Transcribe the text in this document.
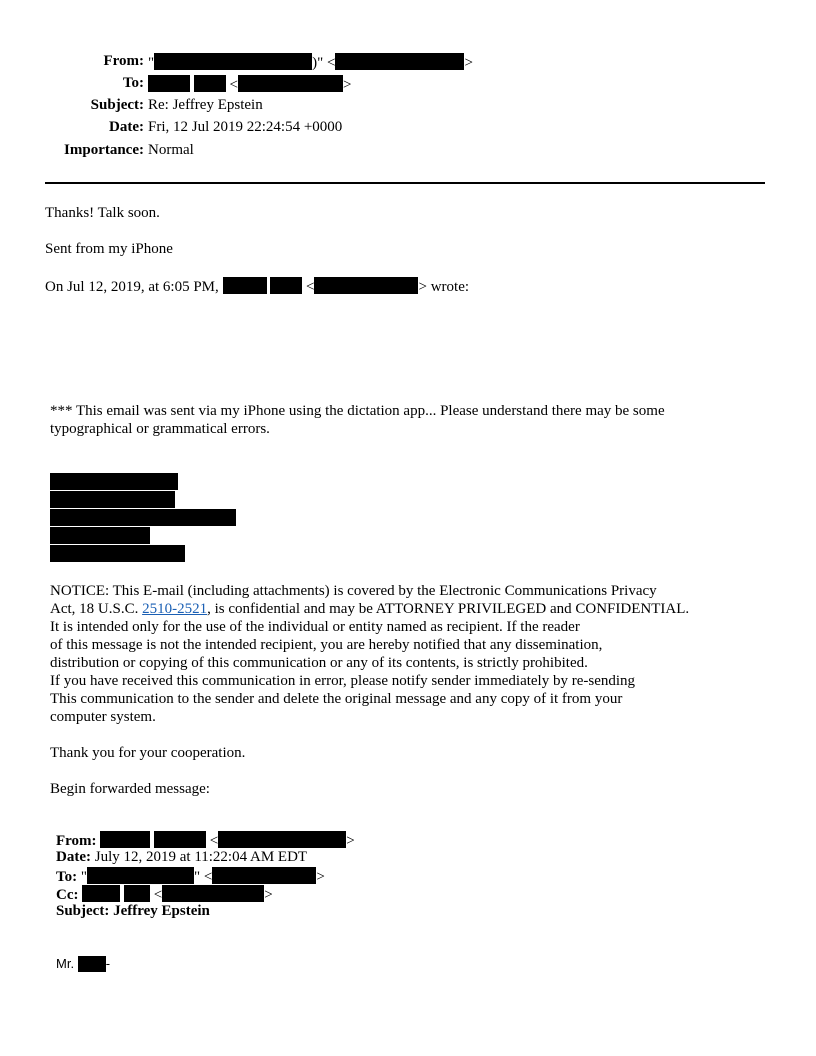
From: "	)" <	>
To:	<	>
Subject: Re: Jeffrey Epstein
Date: Fri, 12 Jul 2019 22:24:54 +0000
Importance: Normal
Thanks! Talk soon.
Sent from my iPhone
On Jul 12, 2019, at 6:05 PM,	<	> wrote:
*** This email was sent via my iPhone using the dictation app... Please understand there may be some
typographical or grammatical errors.
NOTICE: This E-mail (including attachments) is covered by the Electronic Communications Privacy
Act, 18 U.S.C. 2510-2521, is confidential and may be ATTORNEY PRIVILEGED and CONFIDENTIAL.
It is intended only for the use of the individual or entity named as recipient. If the reader
of this message is not the intended recipient, you are hereby notified that any dissemination,
distribution or copying of this communication or any of its contents, is strictly prohibited.
If you have received this communication in error, please notify sender immediately by re-sending
This communication to the sender and delete the original message and any copy of it from your
computer system.
Thank you for your cooperation.
Begin forwarded message:
From:	<	>
Date: July 12, 2019 at 11:22:04 AM EDT
To: "	" <	>
Cc:	<	>
Subject: Jeffrey Epstein
Mr. -
